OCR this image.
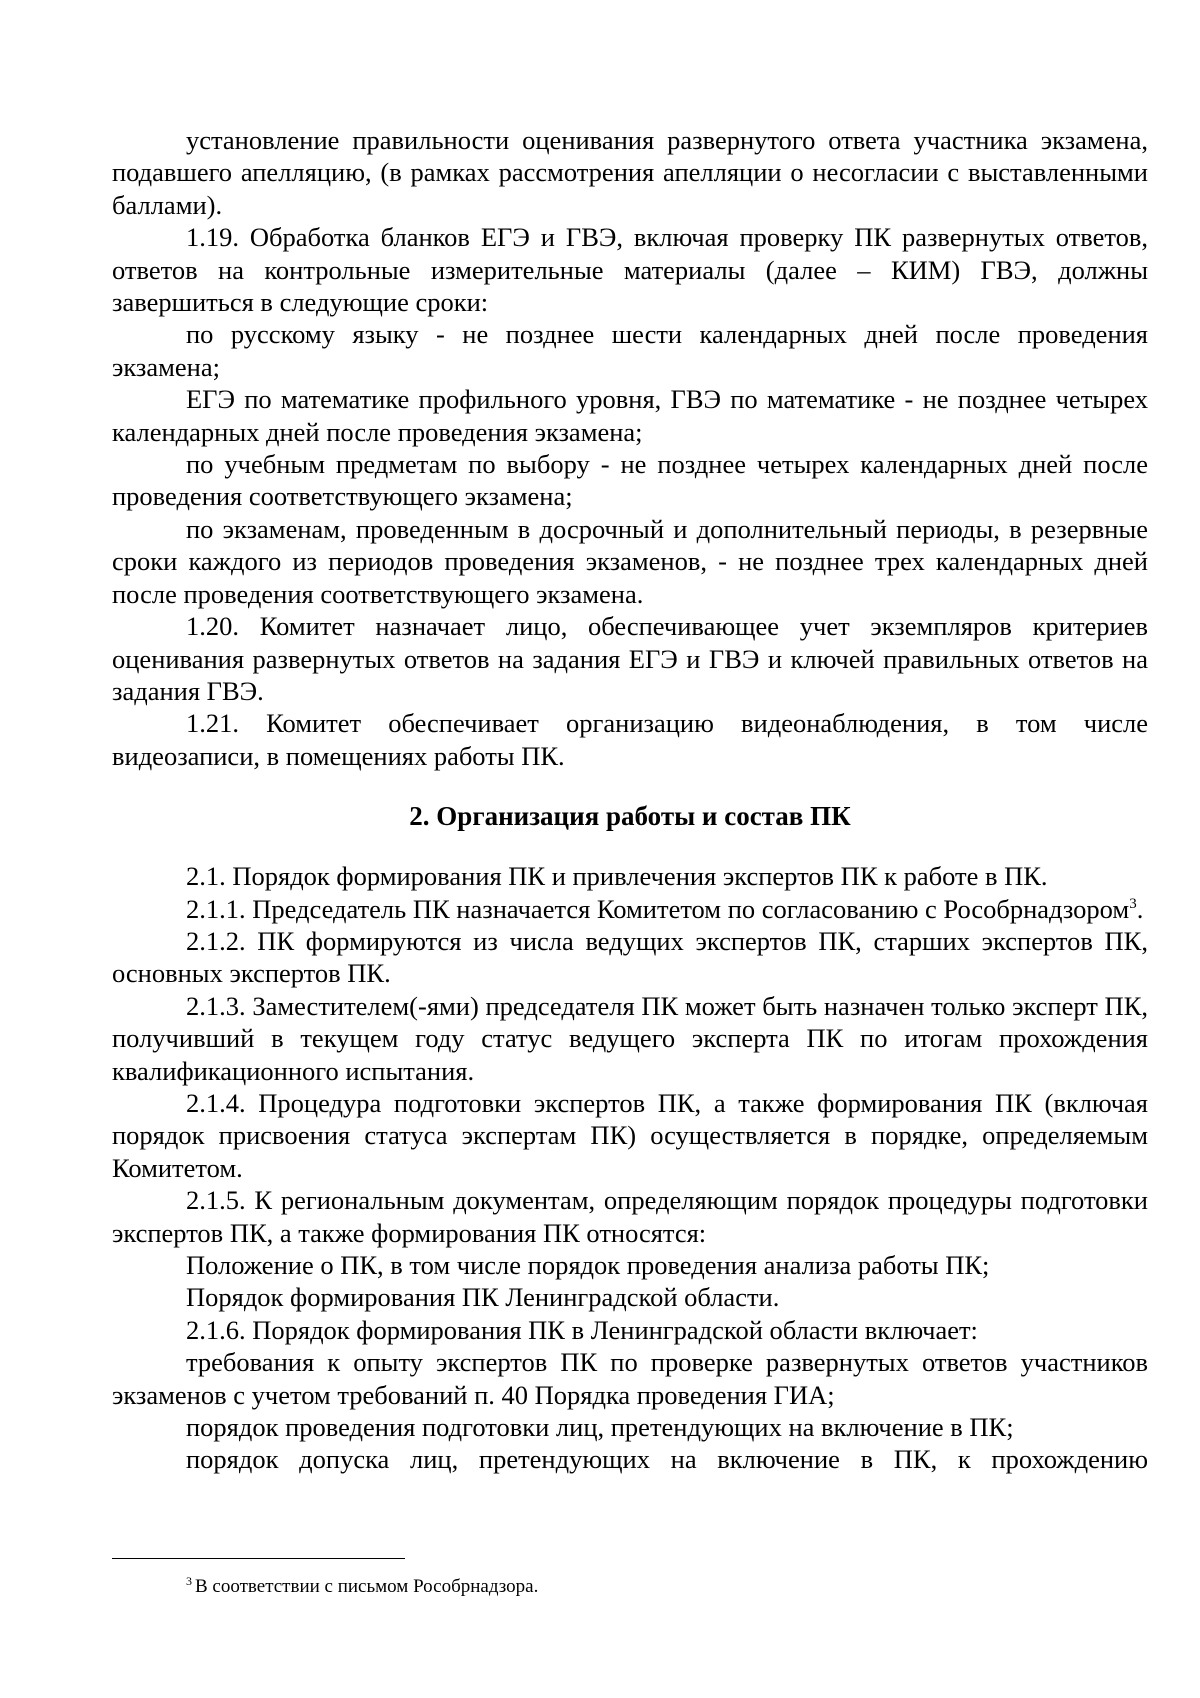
установление правильности оценивания развернутого ответа участника экзамена, подавшего апелляцию, (в рамках рассмотрения апелляции о несогласии с выставленными баллами).

1.19. Обработка бланков ЕГЭ и ГВЭ, включая проверку ПК развернутых ответов, ответов на контрольные измерительные материалы (далее – КИМ) ГВЭ, должны завершиться в следующие сроки:

по русскому языку - не позднее шести календарных дней после проведения экзамена;

ЕГЭ по математике профильного уровня, ГВЭ по математике - не позднее четырех календарных дней после проведения экзамена;

по учебным предметам по выбору - не позднее четырех календарных дней после проведения соответствующего экзамена;

по экзаменам, проведенным в досрочный и дополнительный периоды, в резервные сроки каждого из периодов проведения экзаменов, - не позднее трех календарных дней после проведения соответствующего экзамена.

1.20. Комитет назначает лицо, обеспечивающее учет экземпляров критериев оценивания развернутых ответов на задания ЕГЭ и ГВЭ и ключей правильных ответов на задания ГВЭ.

1.21. Комитет обеспечивает организацию видеонаблюдения, в том числе видеозаписи, в помещениях работы ПК.

2. Организация работы и состав ПК

2.1. Порядок формирования ПК и привлечения экспертов ПК к работе в ПК.

2.1.1. Председатель ПК назначается Комитетом по согласованию с Рособрнадзором$^3$.

2.1.2. ПК формируются из числа ведущих экспертов ПК, старших экспертов ПК, основных экспертов ПК.

2.1.3. Заместителем(-ями) председателя ПК может быть назначен только эксперт ПК, получивший в текущем году статус ведущего эксперта ПК по итогам прохождения квалификационного испытания.

2.1.4. Процедура подготовки экспертов ПК, а также формирования ПК (включая порядок присвоения статуса экспертам ПК) осуществляется в порядке, определяемым Комитетом.

2.1.5. К региональным документам, определяющим порядок процедуры подготовки экспертов ПК, а также формирования ПК относятся:

Положение о ПК, в том числе порядок проведения анализа работы ПК;

Порядок формирования ПК Ленинградской области.

2.1.6. Порядок формирования ПК в Ленинградской области включает:

требования к опыту экспертов ПК по проверке развернутых ответов участников экзаменов с учетом требований п. 40 Порядка проведения ГИА;

порядок проведения подготовки лиц, претендующих на включение в ПК;

порядок допуска лиц, претендующих на включение в ПК, к прохождению

$^3$ В соответствии с письмом Рособрнадзора.
